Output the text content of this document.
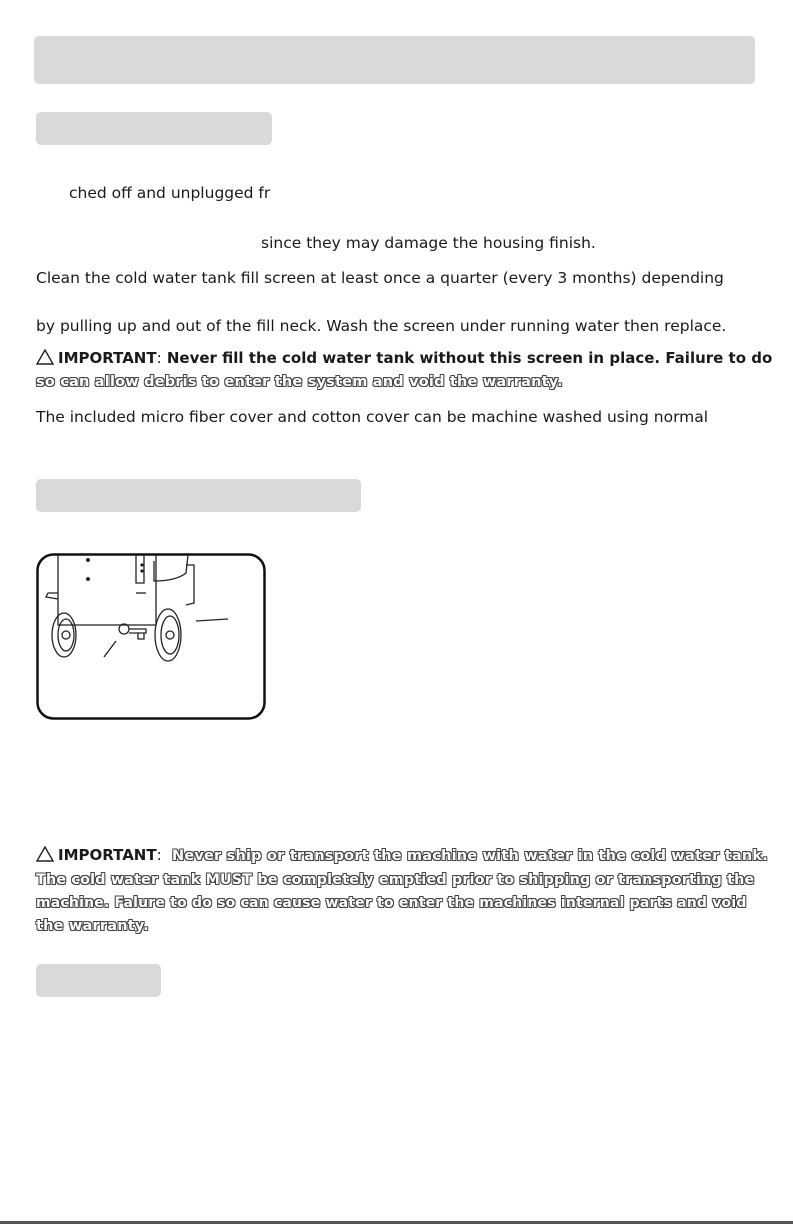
ched off and unplugged fr
since they may damage the housing finish.
Clean the cold water tank fill screen at least once a quarter (every 3 months) depending
by pulling up and out of the fill neck. Wash the screen under running water then replace.
IMPORTANT: Never fill the cold water tank without this screen in place. Failure to do
so can allow debris to enter the system and void the warranty.
The included micro fiber cover and cotton cover can be machine washed using normal
IMPORTANT: Never ship or transport the machine with water in the cold water tank.
The cold water tank MUST be completely emptied prior to shipping or transporting the
machine. Falure to do so can cause water to enter the machines internal parts and void
the warranty.
